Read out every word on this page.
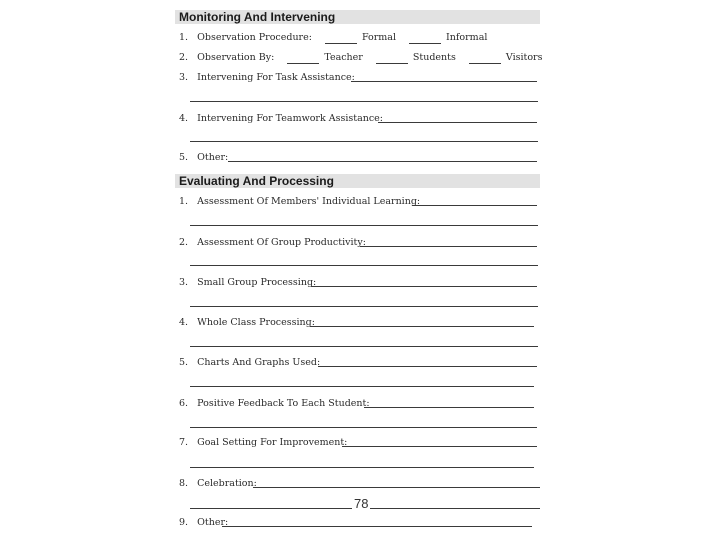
Monitoring And Intervening
1. Observation Procedure:	Formal	Informal
2. Observation By:	Teacher	Students	Visitors
3. Intervening For Task Assistance:
4. Intervening For Teamwork Assistance:
5. Other:
Evaluating And Processing
1. Assessment Of Members' Individual Learning:
2. Assessment Of Group Productivity:
3. Small Group Processing:
4. Whole Class Processing:
5. Charts And Graphs Used:
6. Positive Feedback To Each Student:
7. Goal Setting For Improvement:
8. Celebration:
9. Other:
78
